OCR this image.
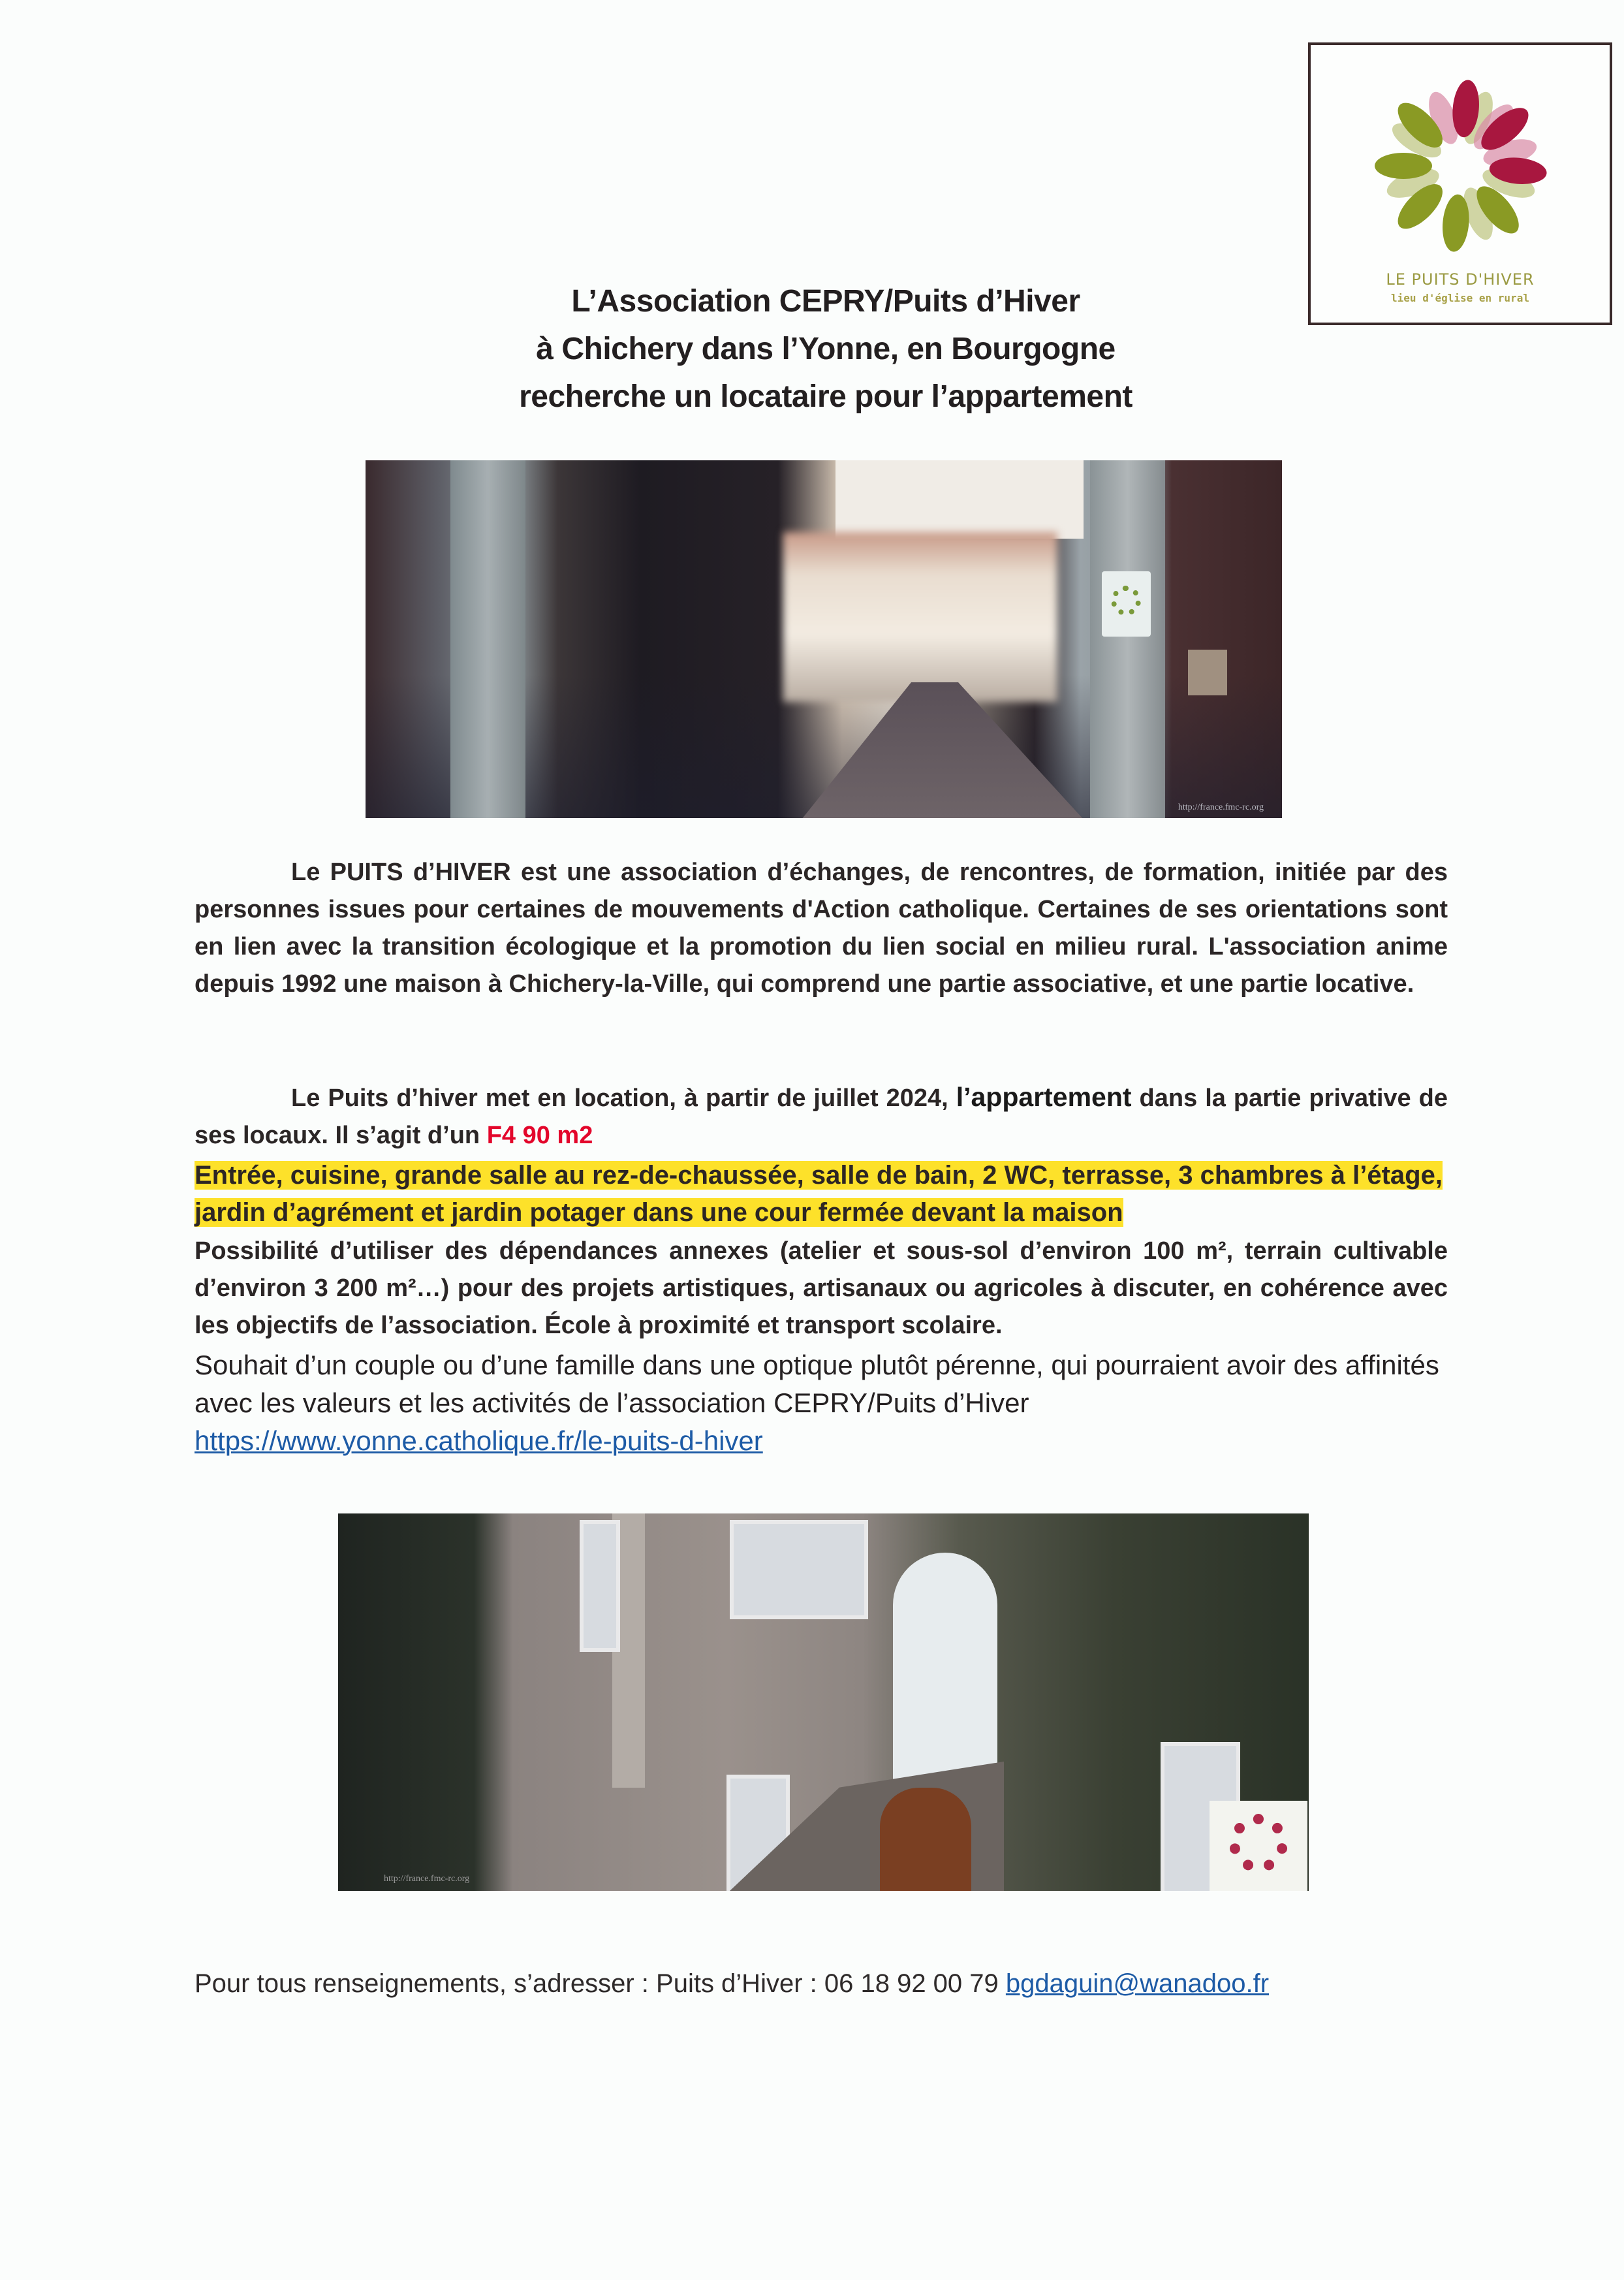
LE PUITS D'HIVER
lieu d'église en rural
L’Association CEPRY/Puits d’Hiver
à Chichery dans l’Yonne, en Bourgogne
recherche un locataire pour l’appartement
http://france.fmc-rc.org
Le PUITS d’HIVER est une association d’échanges, de rencontres, de formation, initiée par des personnes issues pour certaines de mouvements d'Action catholique. Certaines de ses orientations sont en lien avec la transition écologique et la promotion du lien social en milieu rural. L'association anime depuis 1992 une maison à Chichery-la-Ville, qui comprend une partie associative, et une partie locative.
Le Puits d’hiver met en location, à partir de juillet 2024, l’appartement dans la partie privative de ses locaux. Il s’agit d’un F4 90 m2
Entrée, cuisine, grande salle au rez-de-chaussée, salle de bain, 2 WC, terrasse, 3 chambres à l’étage, jardin d’agrément et jardin potager dans une cour fermée devant la maison
Possibilité d’utiliser des dépendances annexes (atelier et sous-sol d’environ 100 m², terrain cultivable d’environ 3 200 m²…) pour des projets artistiques, artisanaux ou agricoles à discuter, en cohérence avec les objectifs de l’association. École à proximité et transport scolaire.
Souhait d’un couple ou d’une famille dans une optique plutôt pérenne, qui pourraient avoir des affinités avec les valeurs et les activités de l’association CEPRY/Puits d’Hiver
https://www.yonne.catholique.fr/le-puits-d-hiver
http://france.fmc-rc.org
Pour tous renseignements, s’adresser : Puits d’Hiver : 06 18 92 00 79 bgdaguin@wanadoo.fr
